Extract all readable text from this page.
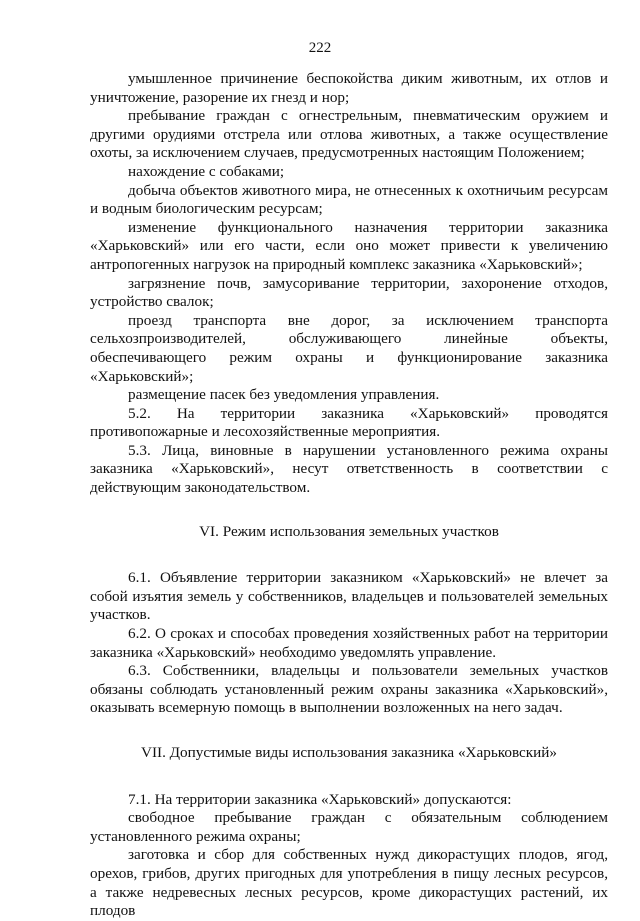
222

умышленное причинение беспокойства диким животным, их отлов и уничтожение, разорение их гнезд и нор;

пребывание граждан с огнестрельным, пневматическим оружием и другими орудиями отстрела или отлова животных, а также осуществление охоты, за исключением случаев, предусмотренных настоящим Положением;

нахождение с собаками;

добыча объектов животного мира, не отнесенных к охотничьим ресурсам и водным биологическим ресурсам;

изменение функционального назначения территории заказника «Харьковский» или его части, если оно может привести к увеличению антропогенных нагрузок на природный комплекс заказника «Харьковский»;

загрязнение почв, замусоривание территории, захоронение отходов, устройство свалок;

проезд транспорта вне дорог, за исключением транспорта сельхозпроизводителей, обслуживающего линейные объекты, обеспечивающего режим охраны и функционирование заказника «Харьковский»;

размещение пасек без уведомления управления.

5.2. На территории заказника «Харьковский» проводятся противопожарные и лесохозяйственные мероприятия.

5.3. Лица, виновные в нарушении установленного режима охраны заказника «Харьковский», несут ответственность в соответствии с действующим законодательством.

VI. Режим использования земельных участков

6.1. Объявление территории заказником «Харьковский» не влечет за собой изъятия земель у собственников, владельцев и пользователей земельных участков.

6.2. О сроках и способах проведения хозяйственных работ на территории заказника «Харьковский» необходимо уведомлять управление.

6.3. Собственники, владельцы и пользователи земельных участков обязаны соблюдать установленный режим охраны заказника «Харьковский», оказывать всемерную помощь в выполнении возложенных на него задач.

VII. Допустимые виды использования заказника «Харьковский»

7.1. На территории заказника «Харьковский» допускаются:

свободное пребывание граждан с обязательным соблюдением установленного режима охраны;

заготовка и сбор для собственных нужд дикорастущих плодов, ягод, орехов, грибов, других пригодных для употребления в пищу лесных ресурсов, а также недревесных лесных ресурсов, кроме дикорастущих растений, их плодов
